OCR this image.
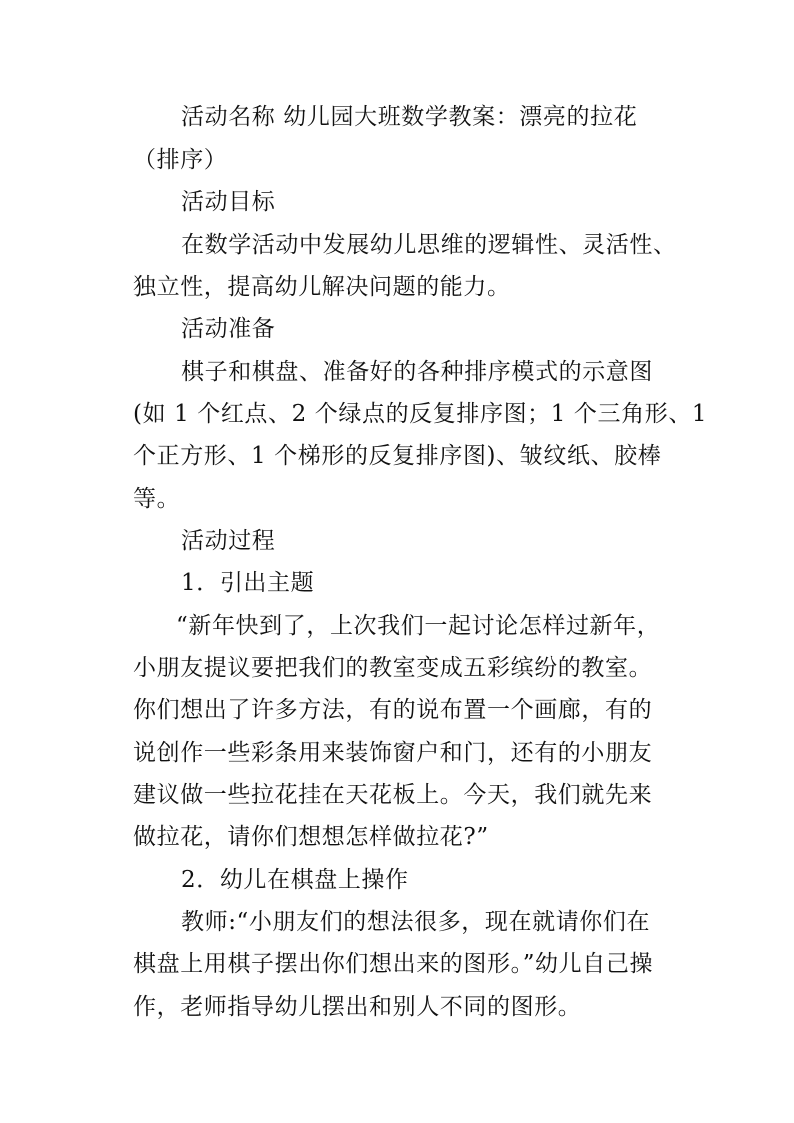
活动名称 幼儿园大班数学教案：漂亮的拉花
（排序）
活动目标
在数学活动中发展幼儿思维的逻辑性、灵活性、
独立性，提高幼儿解决问题的能力。
活动准备
棋子和棋盘、准备好的各种排序模式的示意图
(如 1 个红点、2 个绿点的反复排序图；1 个三角形、1
个正方形、1 个梯形的反复排序图)、皱纹纸、胶棒
等。
活动过程
1．引出主题
“新年快到了，上次我们一起讨论怎样过新年，
小朋友提议要把我们的教室变成五彩缤纷的教室。
你们想出了许多方法，有的说布置一个画廊，有的
说创作一些彩条用来装饰窗户和门，还有的小朋友
建议做一些拉花挂在天花板上。今天，我们就先来
做拉花，请你们想想怎样做拉花?”
2．幼儿在棋盘上操作
教师:“小朋友们的想法很多，现在就请你们在
棋盘上用棋子摆出你们想出来的图形。”幼儿自己操
作，老师指导幼儿摆出和别人不同的图形。
